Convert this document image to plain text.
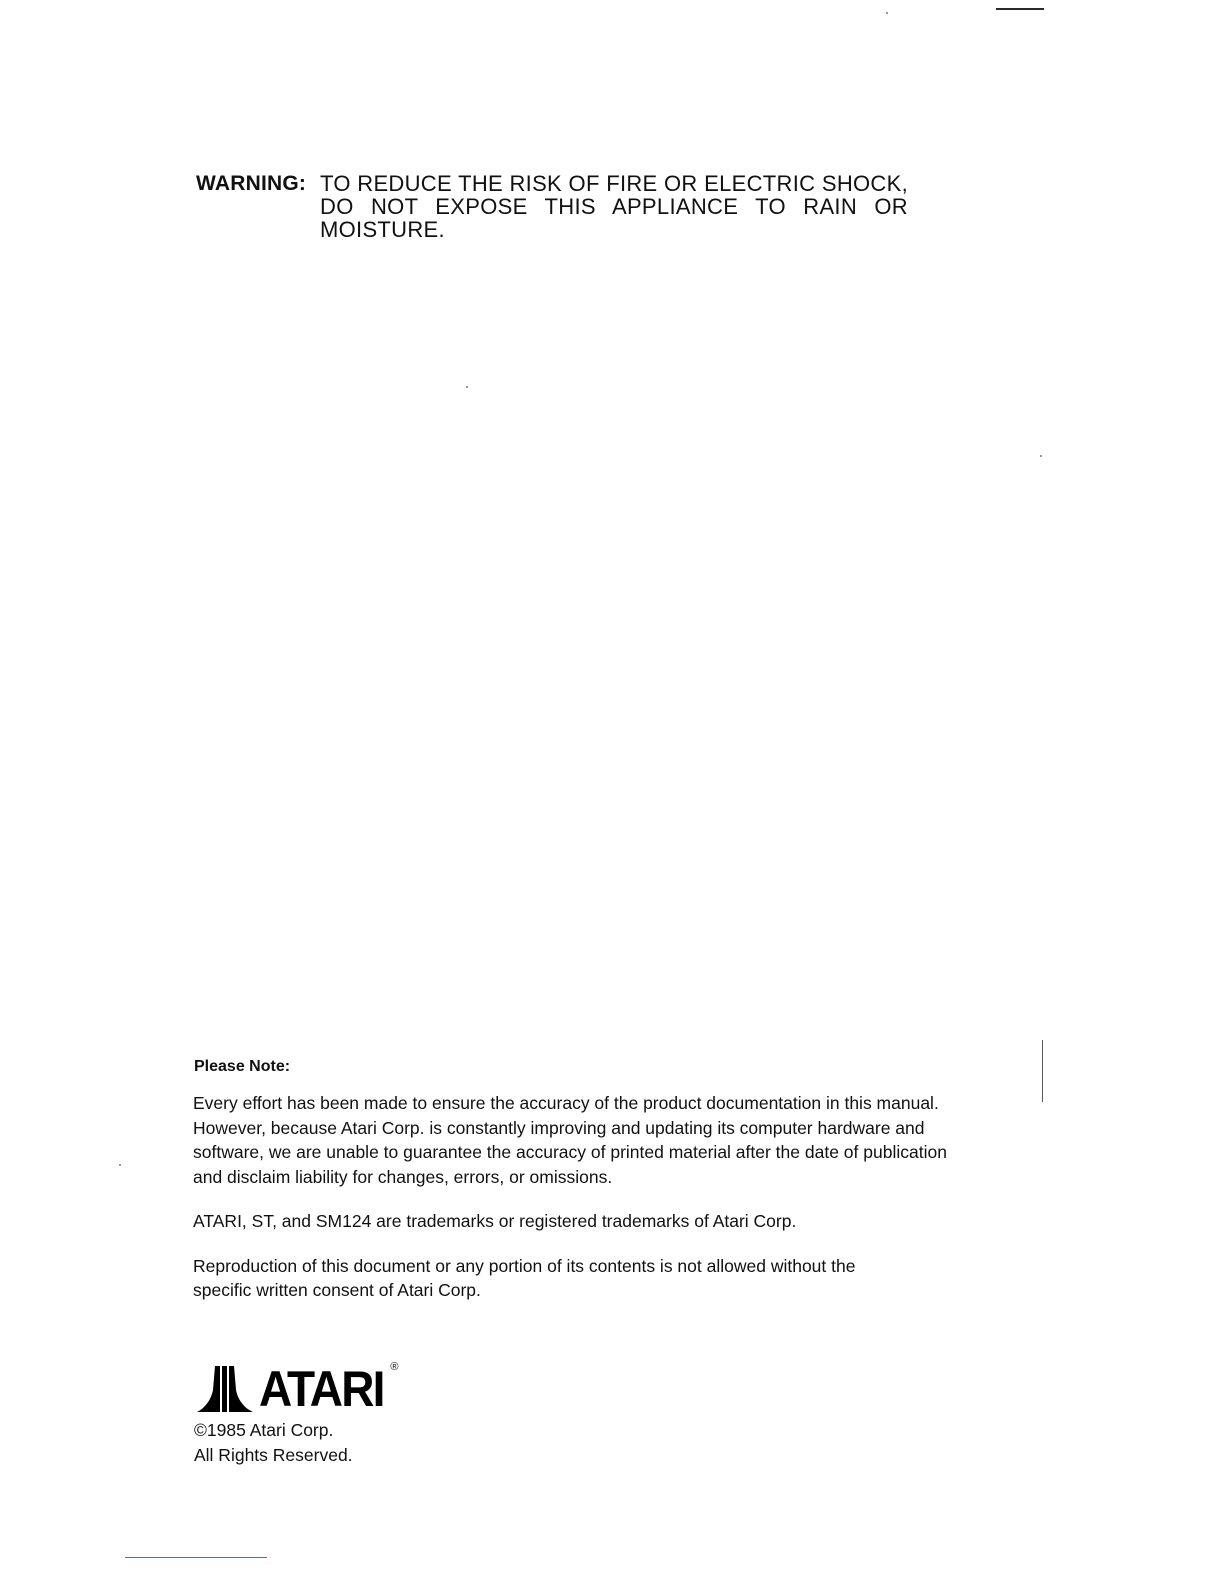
WARNING: TO REDUCE THE RISK OF FIRE OR ELECTRIC SHOCK, DO NOT EXPOSE THIS APPLIANCE TO RAIN OR MOISTURE.
Please Note:

Every effort has been made to ensure the accuracy of the product documentation in this manual. However, because Atari Corp. is constantly improving and updating its computer hardware and software, we are unable to guarantee the accuracy of printed material after the date of publication and disclaim liability for changes, errors, or omissions.

ATARI, ST, and SM124 are trademarks or registered trademarks of Atari Corp.

Reproduction of this document or any portion of its contents is not allowed without the specific written consent of Atari Corp.

ATARI ®
©1985 Atari Corp.
All Rights Reserved.
